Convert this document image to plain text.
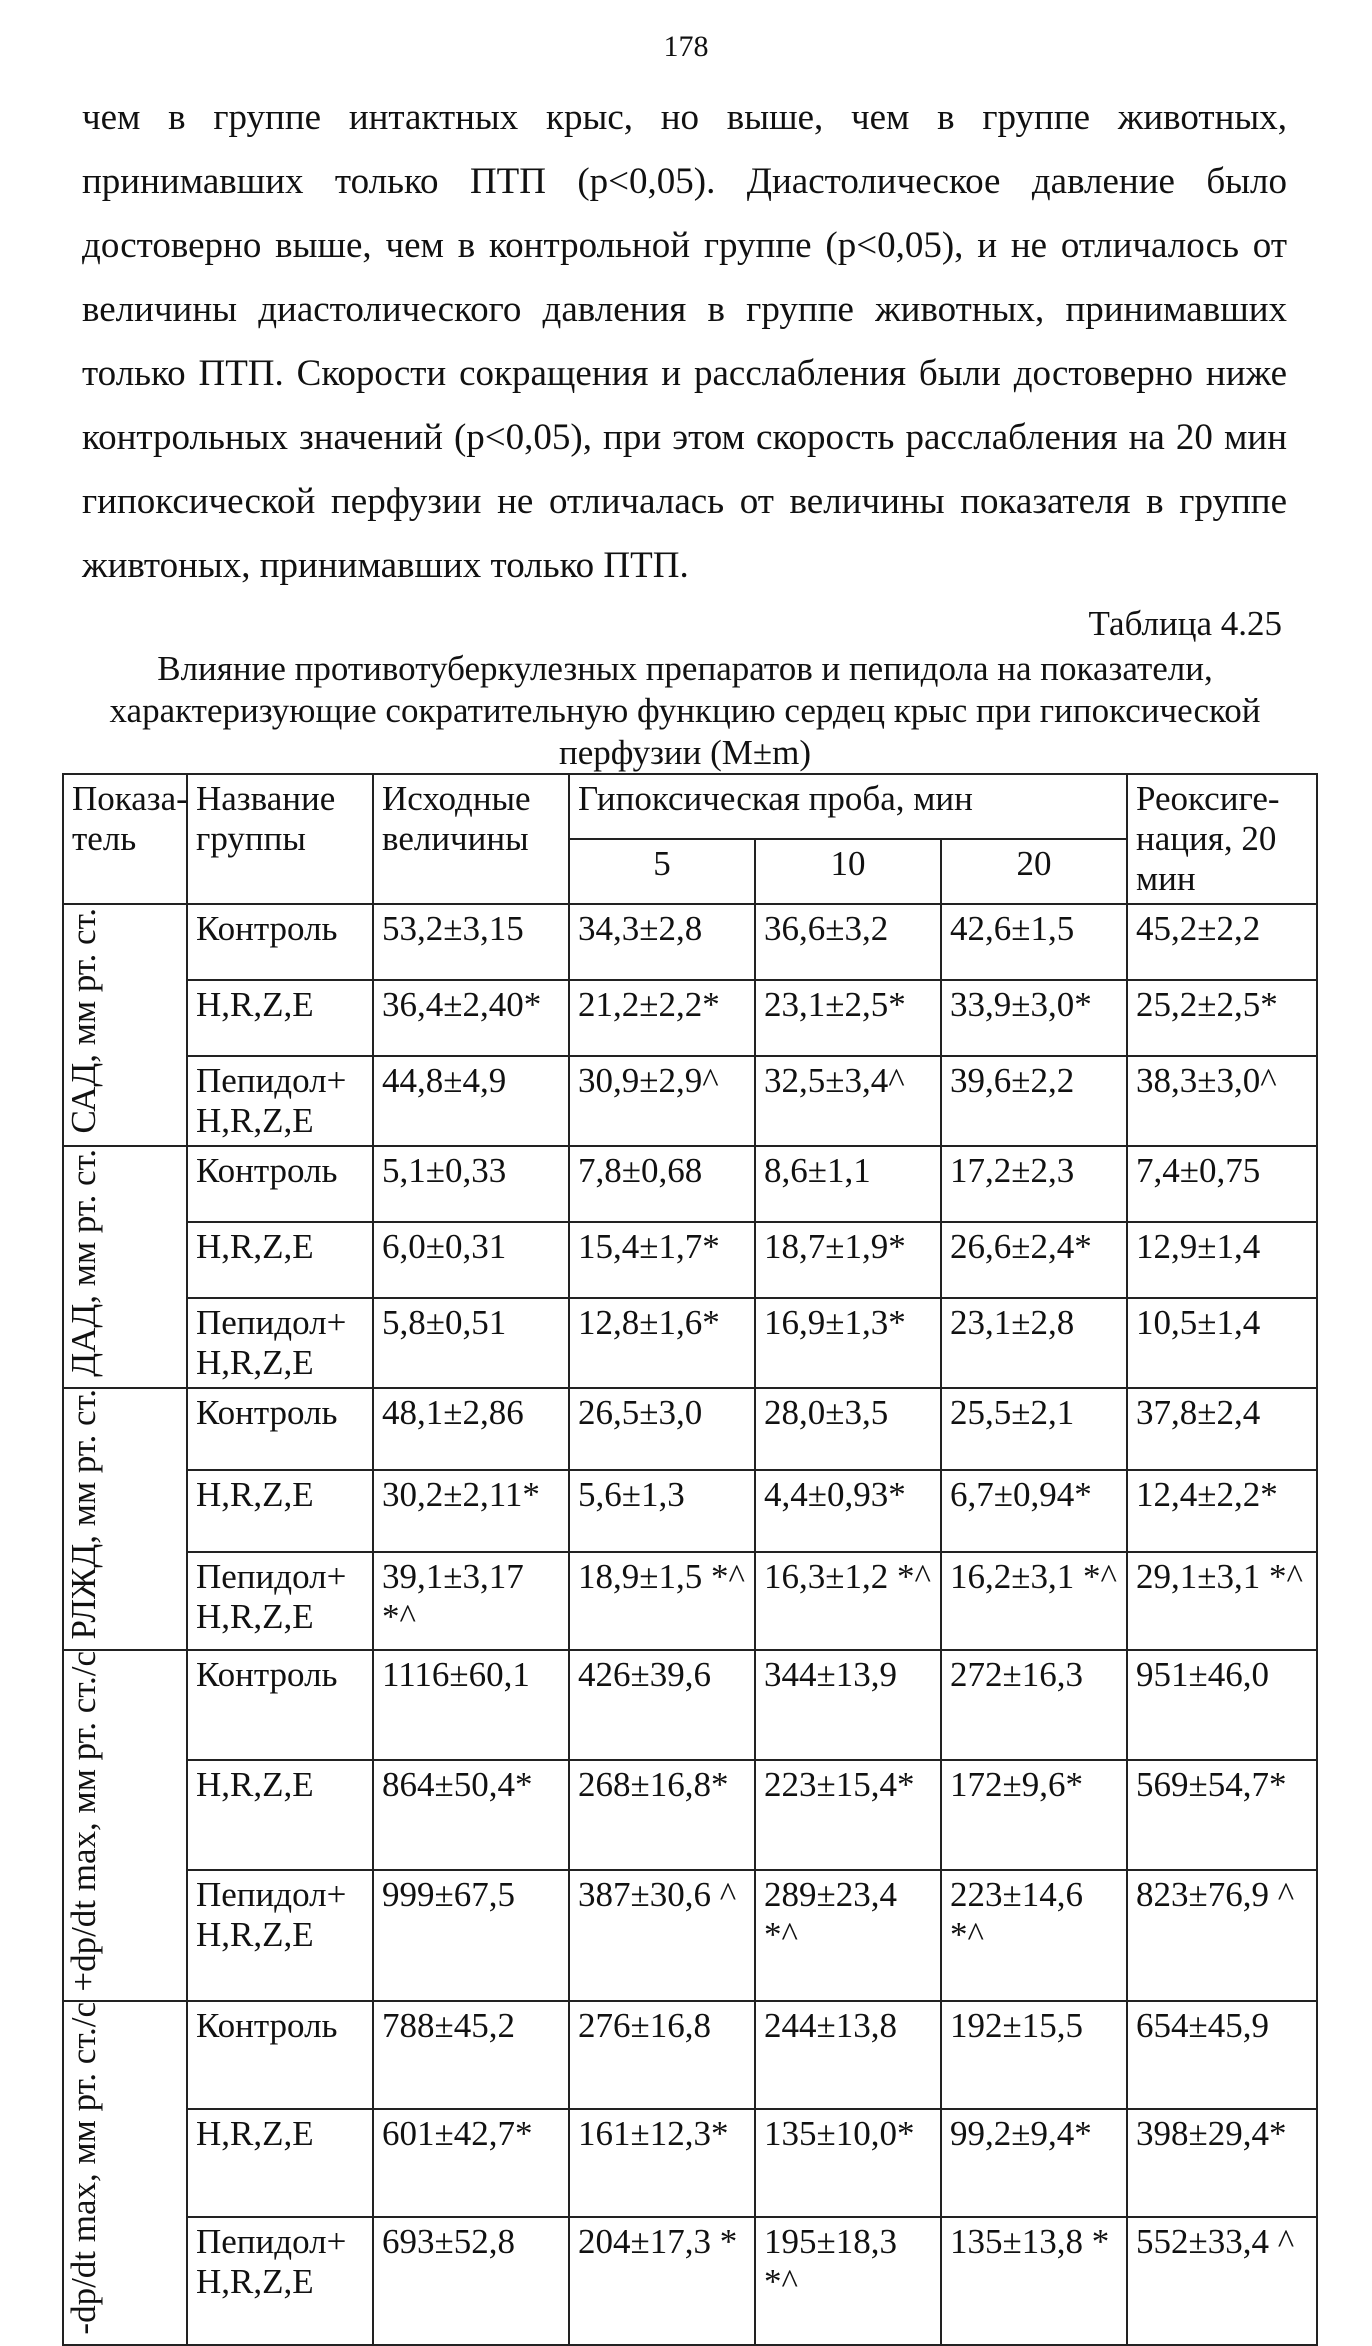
178
чем в группе интактных крыс, но выше, чем в группе животных,
принимавших только ПТП (p<0,05). Диастолическое давление было
достоверно выше, чем в контрольной группе (p<0,05), и не отличалось от
величины диастолического давления в группе животных, принимавших
только ПТП. Скорости сокращения и расслабления были достоверно ниже
контрольных значений (p<0,05), при этом скорость расслабления на 20 мин
гипоксической перфузии не отличалась от величины показателя в группе
живтоных, принимавших только ПТП.
Таблица 4.25
Влияние противотуберкулезных препаратов и пепидола на показатели,
характеризующие сократительную функцию сердец крыс при гипоксической
перфузии (M±m)
Показа-тель	Название группы	Исходные величины	Гипоксическая проба, мин			Реоксиге-нация, 20 мин
			5	10	20	
САД, мм рт. ст.	Контроль	53,2±3,15	34,3±2,8	36,6±3,2	42,6±1,5	45,2±2,2
	H,R,Z,E	36,4±2,40*	21,2±2,2*	23,1±2,5*	33,9±3,0*	25,2±2,5*
	Пепидол+ H,R,Z,E	44,8±4,9	30,9±2,9^	32,5±3,4^	39,6±2,2	38,3±3,0^
ДАД, мм рт. ст.	Контроль	5,1±0,33	7,8±0,68	8,6±1,1	17,2±2,3	7,4±0,75
	H,R,Z,E	6,0±0,31	15,4±1,7*	18,7±1,9*	26,6±2,4*	12,9±1,4
	Пепидол+ H,R,Z,E	5,8±0,51	12,8±1,6*	16,9±1,3*	23,1±2,8	10,5±1,4
РЛЖД, мм рт. ст.	Контроль	48,1±2,86	26,5±3,0	28,0±3,5	25,5±2,1	37,8±2,4
	H,R,Z,E	30,2±2,11*	5,6±1,3	4,4±0,93*	6,7±0,94*	12,4±2,2*
	Пепидол+ H,R,Z,E	39,1±3,17 *^	18,9±1,5 *^	16,3±1,2 *^	16,2±3,1 *^	29,1±3,1 *^
+dp/dt max, мм рт. ст./с	Контроль	1116±60,1	426±39,6	344±13,9	272±16,3	951±46,0
	H,R,Z,E	864±50,4*	268±16,8*	223±15,4*	172±9,6*	569±54,7*
	Пепидол+ H,R,Z,E	999±67,5	387±30,6 ^	289±23,4 *^	223±14,6 *^	823±76,9 ^
-dp/dt max, мм рт. ст./с	Контроль	788±45,2	276±16,8	244±13,8	192±15,5	654±45,9
	H,R,Z,E	601±42,7*	161±12,3*	135±10,0*	99,2±9,4*	398±29,4*
	Пепидол+ H,R,Z,E	693±52,8	204±17,3 *	195±18,3 *^	135±13,8 *	552±33,4 ^
